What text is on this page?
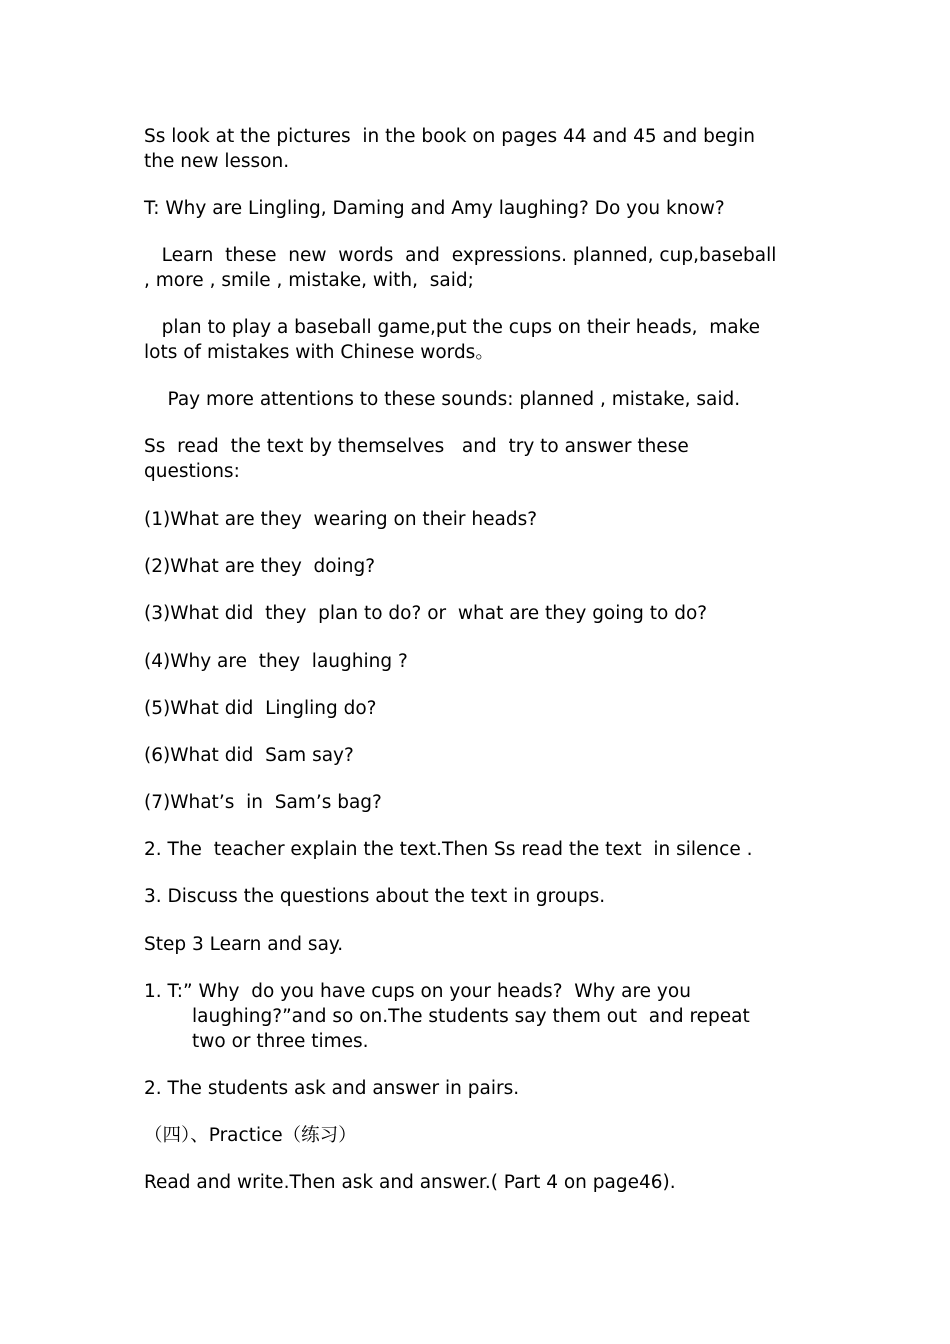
Ss look at the pictures  in the book on pages 44 and 45 and begin
the new lesson.
T: Why are Lingling, Daming and Amy laughing? Do you know?
Learn  these  new  words  and  expressions. planned, cup,baseball
, more , smile , mistake, with,  said;
plan to play a baseball game,put the cups on their heads,  make
lots of mistakes with Chinese words。
Pay more attentions to these sounds: planned , mistake, said.
Ss  read  the text by themselves   and  try to answer these
questions:
(1)What are they  wearing on their heads?
(2)What are they  doing?
(3)What did  they  plan to do? or  what are they going to do?
(4)Why are  they  laughing ?
(5)What did  Lingling do?
(6)What did  Sam say?
(7)What’s  in  Sam’s bag?
2. The  teacher explain the text.Then Ss read the text  in silence .
3. Discuss the questions about the text in groups.
Step 3 Learn and say.
1. T:” Why  do you have cups on your heads?  Why are you
laughing?”and so on.The students say them out  and repeat
two or three times.
2. The students ask and answer in pairs.
（四）、Practice（练习）
Read and write.Then ask and answer.( Part 4 on page46).
